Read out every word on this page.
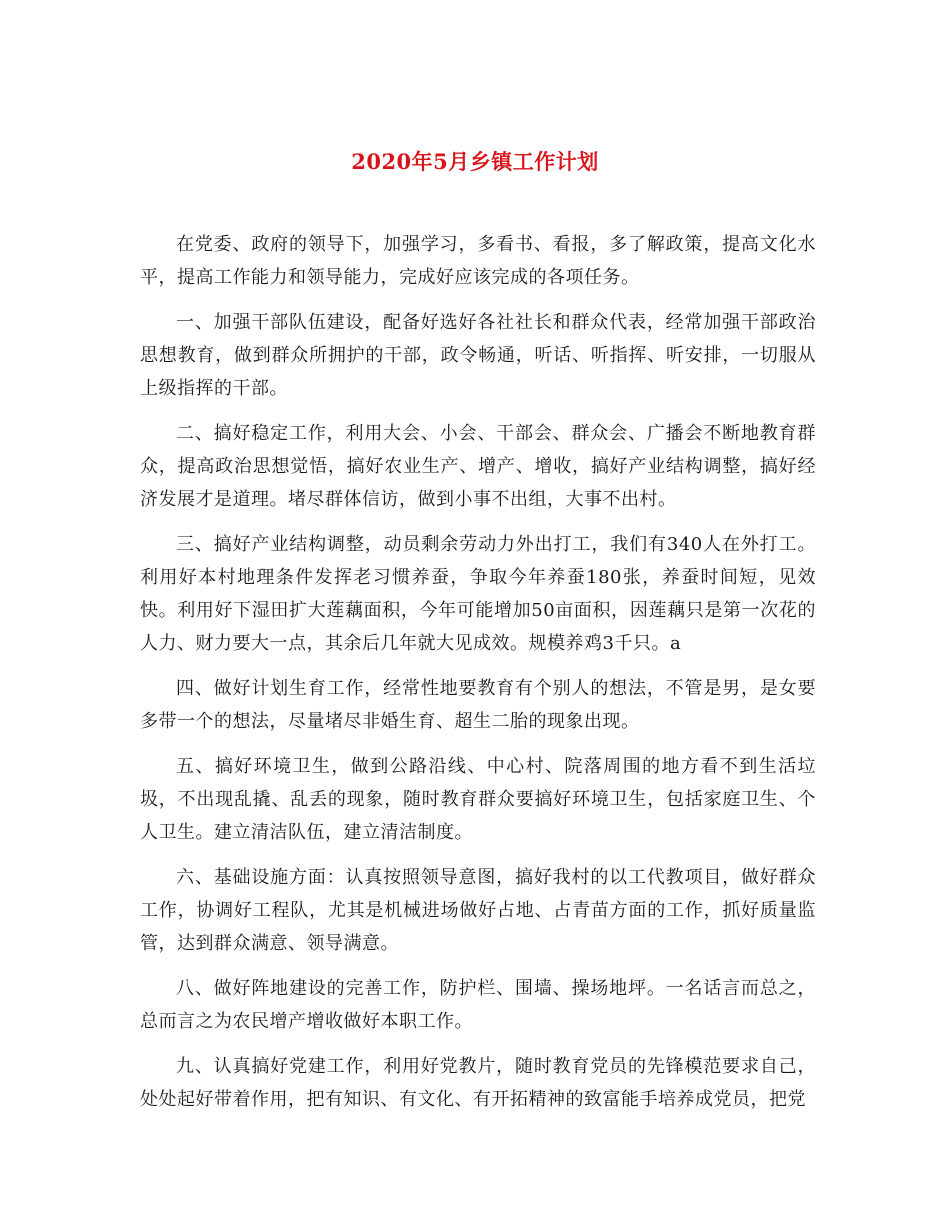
2020年5月乡镇工作计划

在党委、政府的领导下，加强学习，多看书、看报，多了解政策，提高文化水平，提高工作能力和领导能力，完成好应该完成的各项任务。

一、加强干部队伍建设，配备好选好各社社长和群众代表，经常加强干部政治思想教育，做到群众所拥护的干部，政令畅通，听话、听指挥、听安排，一切服从上级指挥的干部。

二、搞好稳定工作，利用大会、小会、干部会、群众会、广播会不断地教育群众，提高政治思想觉悟，搞好农业生产、增产、增收，搞好产业结构调整，搞好经济发展才是道理。堵尽群体信访，做到小事不出组，大事不出村。

三、搞好产业结构调整，动员剩余劳动力外出打工，我们有340人在外打工。利用好本村地理条件发挥老习惯养蚕，争取今年养蚕180张，养蚕时间短，见效快。利用好下湿田扩大莲藕面积，今年可能增加50亩面积，因莲藕只是第一次花的人力、财力要大一点，其余后几年就大见成效。规模养鸡3千只。a

四、做好计划生育工作，经常性地要教育有个别人的想法，不管是男，是女要多带一个的想法，尽量堵尽非婚生育、超生二胎的现象出现。

五、搞好环境卫生，做到公路沿线、中心村、院落周围的地方看不到生活垃圾，不出现乱撬、乱丢的现象，随时教育群众要搞好环境卫生，包括家庭卫生、个人卫生。建立清洁队伍，建立清洁制度。

六、基础设施方面：认真按照领导意图，搞好我村的以工代教项目，做好群众工作，协调好工程队，尤其是机械进场做好占地、占青苗方面的工作，抓好质量监管，达到群众满意、领导满意。

八、做好阵地建设的完善工作，防护栏、围墙、操场地坪。一名话言而总之，总而言之为农民增产增收做好本职工作。

九、认真搞好党建工作，利用好党教片，随时教育党员的先锋模范要求自己，处处起好带着作用，把有知识、有文化、有开拓精神的致富能手培养成党员，把党
